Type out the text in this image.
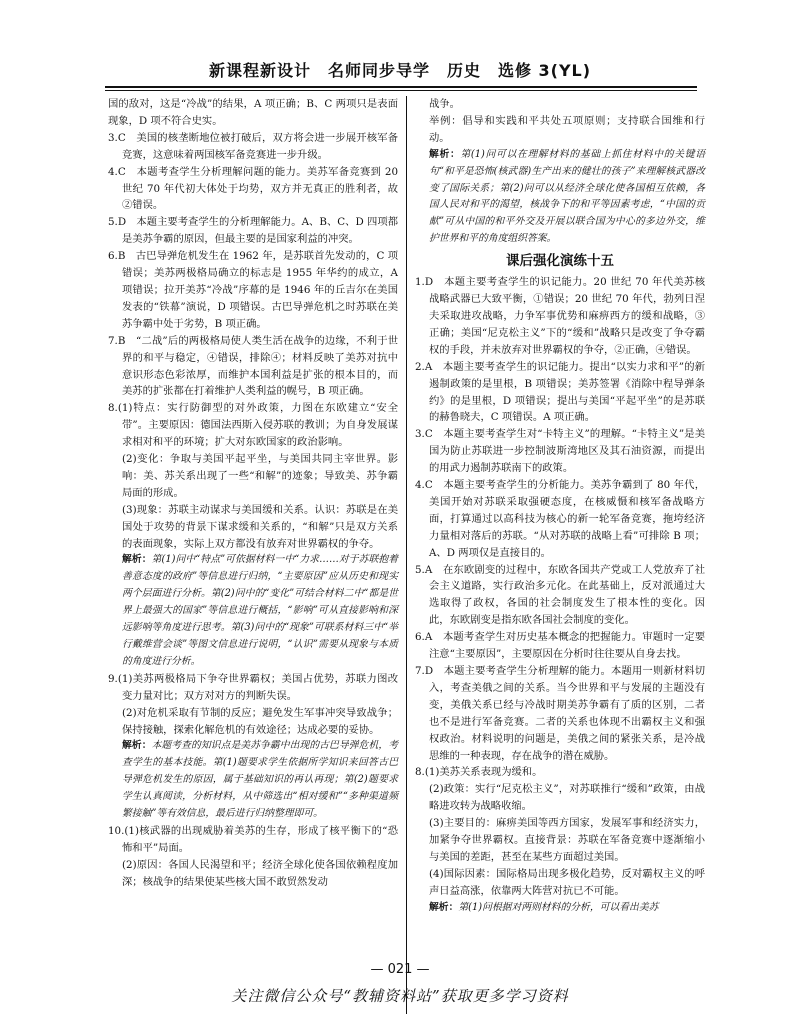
新课程新设计　名师同步导学　历史　选修 3(YL)
国的敌对，这是“冷战”的结果，A 项正确；B、C 两项只是表面现象，D 项不符合史实。
3.C　美国的核垄断地位被打破后，双方将会进一步展开核军备竞赛，这意味着两国核军备竞赛进一步升级。
4.C　本题考查学生分析理解问题的能力。美苏军备竞赛到 20 世纪 70 年代初大体处于均势，双方并无真正的胜利者，故②错误。
5.D　本题主要考查学生的分析理解能力。A、B、C、D 四项都是美苏争霸的原因，但最主要的是国家利益的冲突。
6.B　古巴导弹危机发生在 1962 年，是苏联首先发动的，C 项错误；美苏两极格局确立的标志是 1955 年华约的成立，A 项错误；拉开美苏“冷战”序幕的是 1946 年的丘吉尔在美国发表的“铁幕”演说，D 项错误。古巴导弹危机之时苏联在美苏争霸中处于劣势，B 项正确。
7.B　“二战”后的两极格局使人类生活在战争的边缘，不利于世界的和平与稳定，④错误，排除④；材料反映了美苏对抗中意识形态色彩浓厚，而维护本国利益是扩张的根本目的，而美苏的扩张都在打着维护人类利益的幌号，B 项正确。
8.(1)特点：实行防御型的对外政策，力图在东欧建立“安全带”。主要原因：德国法西斯入侵苏联的教训；为自身发展谋求相对和平的环境；扩大对东欧国家的政治影响。
(2)变化：争取与美国平起平坐，与美国共同主宰世界。影响：美、苏关系出现了一些“和解”的迹象；导致美、苏争霸局面的形成。
(3)现象：苏联主动谋求与美国缓和关系。认识：苏联是在美国处于攻势的背景下谋求缓和关系的，“和解”只是双方关系的表面现象，实际上双方都没有放弃对世界霸权的争夺。
解析：第(1)问中“特点”可依据材料一中“力求……对于苏联抱着善意态度的政府”等信息进行归纳，“主要原因”应从历史和现实两个层面进行分析。第(2)问中的“变化”可结合材料二中“都是世界上最强大的国家”等信息进行概括，“影响”可从直接影响和深远影响等角度进行思考。第(3)问中的“现象”可联系材料三中“举行戴维营会谈”等图文信息进行说明，“认识”需要从现象与本质的角度进行分析。
9.(1)美苏两极格局下争夺世界霸权；美国占优势，苏联力图改变力量对比；双方对对方的判断失误。
(2)对危机采取有节制的反应；避免发生军事冲突导致战争；保持接触，探索化解危机的有效途径；达成必要的妥协。
解析：本题考查的知识点是美苏争霸中出现的古巴导弹危机，考查学生的基本技能。第(1)题要求学生依据所学知识来回答古巴导弹危机发生的原因，属于基础知识的再认再现；第(2)题要求学生认真阅读，分析材料，从中筛选出“相对缓和”“多种渠道频繁接触”等有效信息，最后进行归纳整理即可。
10.(1)核武器的出现威胁着美苏的生存，形成了核平衡下的“恐怖和平”局面。
(2)原因：各国人民渴望和平；经济全球化使各国依赖程度加深；核战争的结果使某些核大国不敢贸然发动
战争。
举例：倡导和实践和平共处五项原则；支持联合国维和行动。
解析：第(1)问可以在理解材料的基础上抓住材料中的关键语句“和平是恐怖(核武器)生产出来的健壮的孩子”来理解核武器改变了国际关系；第(2)问可以从经济全球化使各国相互依赖，各国人民对和平的渴望，核战争下的和平等因素考虑，“中国的贡献”可从中国的和平外交及开展以联合国为中心的多边外交，维护世界和平的角度组织答案。
课后强化演练十五
1.D　本题主要考查学生的识记能力。20 世纪 70 年代美苏核战略武器已大致平衡，①错误；20 世纪 70 年代，勃列日涅夫采取进攻战略，力争军事优势和麻痹西方的缓和战略，③正确；美国“尼克松主义”下的“缓和”战略只是改变了争夺霸权的手段，并未放弃对世界霸权的争夺，②正确，④错误。
2.A　本题主要考查学生的识记能力。提出“以实力求和平”的新遏制政策的是里根，B 项错误；美苏签署《消除中程导弹条约》的是里根，D 项错误；提出与美国“平起平坐”的是苏联的赫鲁晓夫，C 项错误。A 项正确。
3.C　本题主要考查学生对“卡特主义”的理解。“卡特主义”是美国为防止苏联进一步控制波斯湾地区及其石油资源，而提出的用武力遏制苏联南下的政策。
4.C　本题主要考查学生的分析能力。美苏争霸到了 80 年代，美国开始对苏联采取强硬态度，在核威慑和核军备战略方面，打算通过以高科技为核心的新一轮军备竞赛，拖垮经济力量相对落后的苏联。“从对苏联的战略上看”可排除 B 项；A、D 两项仅是直接目的。
5.A　在东欧剧变的过程中，东欧各国共产党或工人党放弃了社会主义道路，实行政治多元化。在此基础上，反对派通过大选取得了政权，各国的社会制度发生了根本性的变化。因此，东欧剧变是指东欧各国社会制度的变化。
6.A　本题考查学生对历史基本概念的把握能力。审题时一定要注意“主要原因”，主要原因在分析时往往要从自身去找。
7.D　本题主要考查学生分析理解的能力。本题用一则新材料切入，考查美俄之间的关系。当今世界和平与发展的主题没有变，美俄关系已经与冷战时期美苏争霸有了质的区别，二者也不是进行军备竞赛。二者的关系也体现不出霸权主义和强权政治。材料说明的问题是，美俄之间的紧张关系，是冷战思维的一种表现，存在战争的潜在威胁。
8.(1)美苏关系表现为缓和。
(2)政策：实行“尼克松主义”，对苏联推行“缓和”政策，由战略进攻转为战略收缩。
(3)主要目的：麻痹美国等西方国家，发展军事和经济实力，加紧争夺世界霸权。直接背景：苏联在军备竞赛中逐渐缩小与美国的差距，甚至在某些方面超过美国。
(4)国际因素：国际格局出现多极化趋势，反对霸权主义的呼声日益高涨，依靠两大阵营对抗已不可能。
解析：第(1)问根据对两则材料的分析，可以看出美苏
— 021 —
关注微信公众号“教辅资料站”获取更多学习资料
